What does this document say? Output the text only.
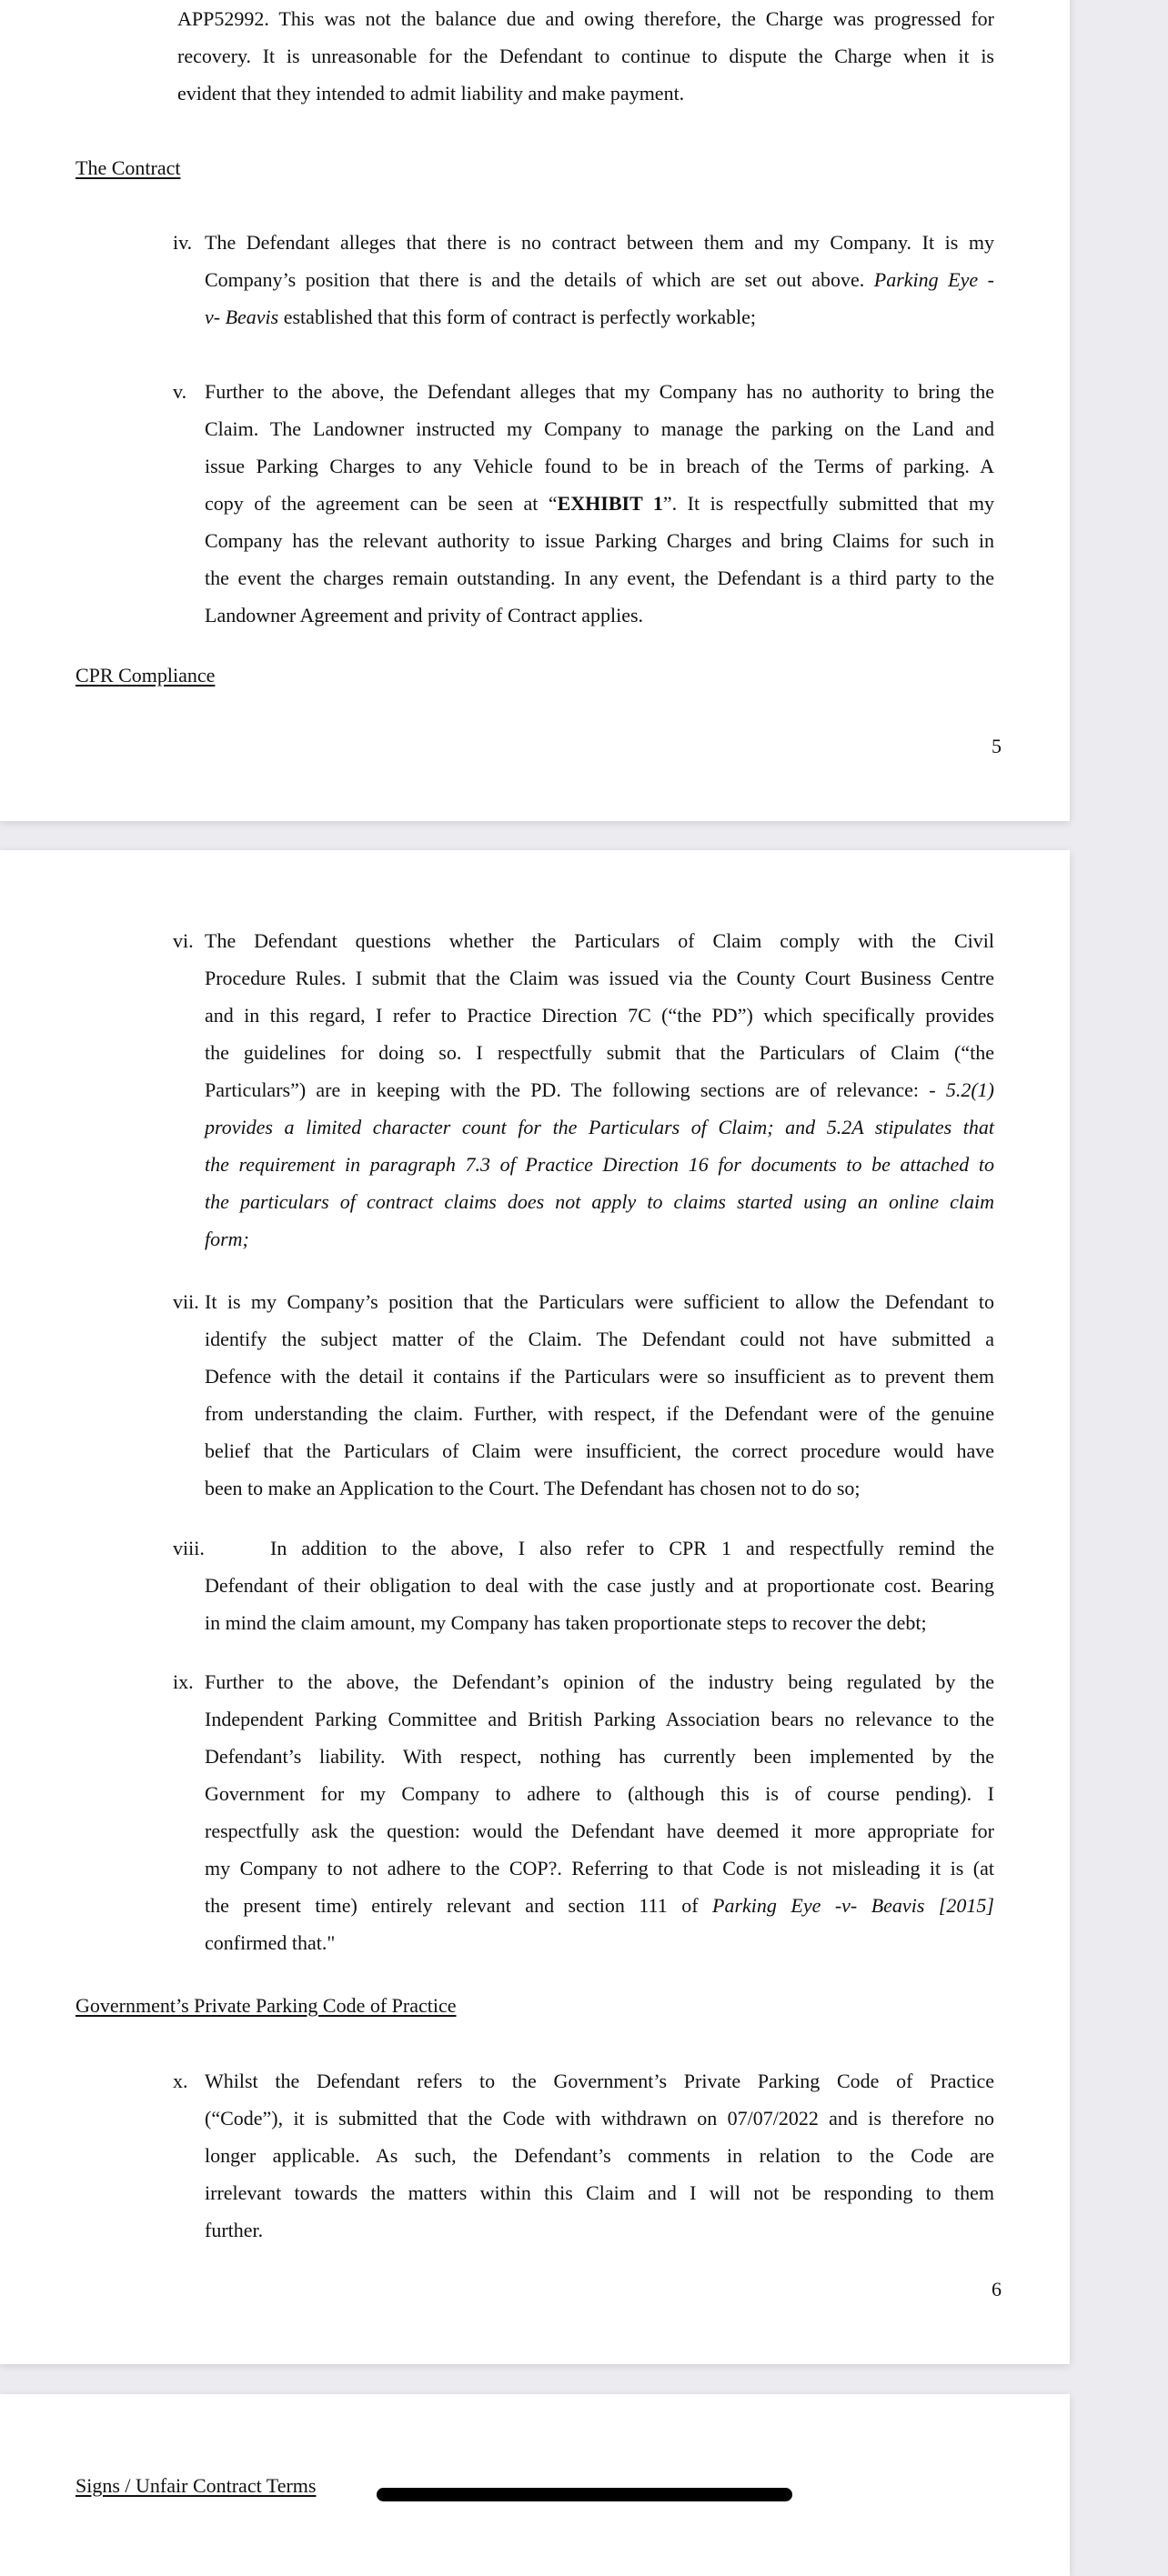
The Contract
CPR Compliance
5
Government’s Private Parking Code of Practice
6
Signs / Unfair Contract Terms
APP52992. This was not the balance due and owing therefore, the Charge was progressed for
recovery. It is unreasonable for the Defendant to continue to dispute the Charge when it is
evident that they intended to admit liability and make payment.
iv. The Defendant alleges that there is no contract between them and my Company. It is my
Company’s position that there is and the details of which are set out above. Parking Eye -
v- Beavis established that this form of contract is perfectly workable;
v. Further to the above, the Defendant alleges that my Company has no authority to bring the
Claim. The Landowner instructed my Company to manage the parking on the Land and
issue Parking Charges to any Vehicle found to be in breach of the Terms of parking. A
copy of the agreement can be seen at “EXHIBIT 1”. It is respectfully submitted that my
Company has the relevant authority to issue Parking Charges and bring Claims for such in
the event the charges remain outstanding. In any event, the Defendant is a third party to the
Landowner Agreement and privity of Contract applies.
vi. The Defendant questions whether the Particulars of Claim comply with the Civil
Procedure Rules. I submit that the Claim was issued via the County Court Business Centre
and in this regard, I refer to Practice Direction 7C (“the PD”) which specifically provides
the guidelines for doing so. I respectfully submit that the Particulars of Claim (“the
Particulars”) are in keeping with the PD. The following sections are of relevance: - 5.2(1)
provides a limited character count for the Particulars of Claim; and 5.2A stipulates that
the requirement in paragraph 7.3 of Practice Direction 16 for documents to be attached to
the particulars of contract claims does not apply to claims started using an online claim
form;
vii. It is my Company’s position that the Particulars were sufficient to allow the Defendant to
identify the subject matter of the Claim. The Defendant could not have submitted a
Defence with the detail it contains if the Particulars were so insufficient as to prevent them
from understanding the claim. Further, with respect, if the Defendant were of the genuine
belief that the Particulars of Claim were insufficient, the correct procedure would have
been to make an Application to the Court. The Defendant has chosen not to do so;
viii.	In addition to the above, I also refer to CPR 1 and respectfully remind the
Defendant of their obligation to deal with the case justly and at proportionate cost. Bearing
in mind the claim amount, my Company has taken proportionate steps to recover the debt;
ix. Further to the above, the Defendant’s opinion of the industry being regulated by the
Independent Parking Committee and British Parking Association bears no relevance to the
Defendant’s liability. With respect, nothing has currently been implemented by the
Government for my Company to adhere to (although this is of course pending). I
respectfully ask the question: would the Defendant have deemed it more appropriate for
my Company to not adhere to the COP?. Referring to that Code is not misleading it is (at
the present time) entirely relevant and section 111 of Parking Eye -v- Beavis [2015]
confirmed that."
x. Whilst the Defendant refers to the Government’s Private Parking Code of Practice
(“Code”), it is submitted that the Code with withdrawn on 07/07/2022 and is therefore no
longer applicable. As such, the Defendant’s comments in relation to the Code are
irrelevant towards the matters within this Claim and I will not be responding to them
further.
